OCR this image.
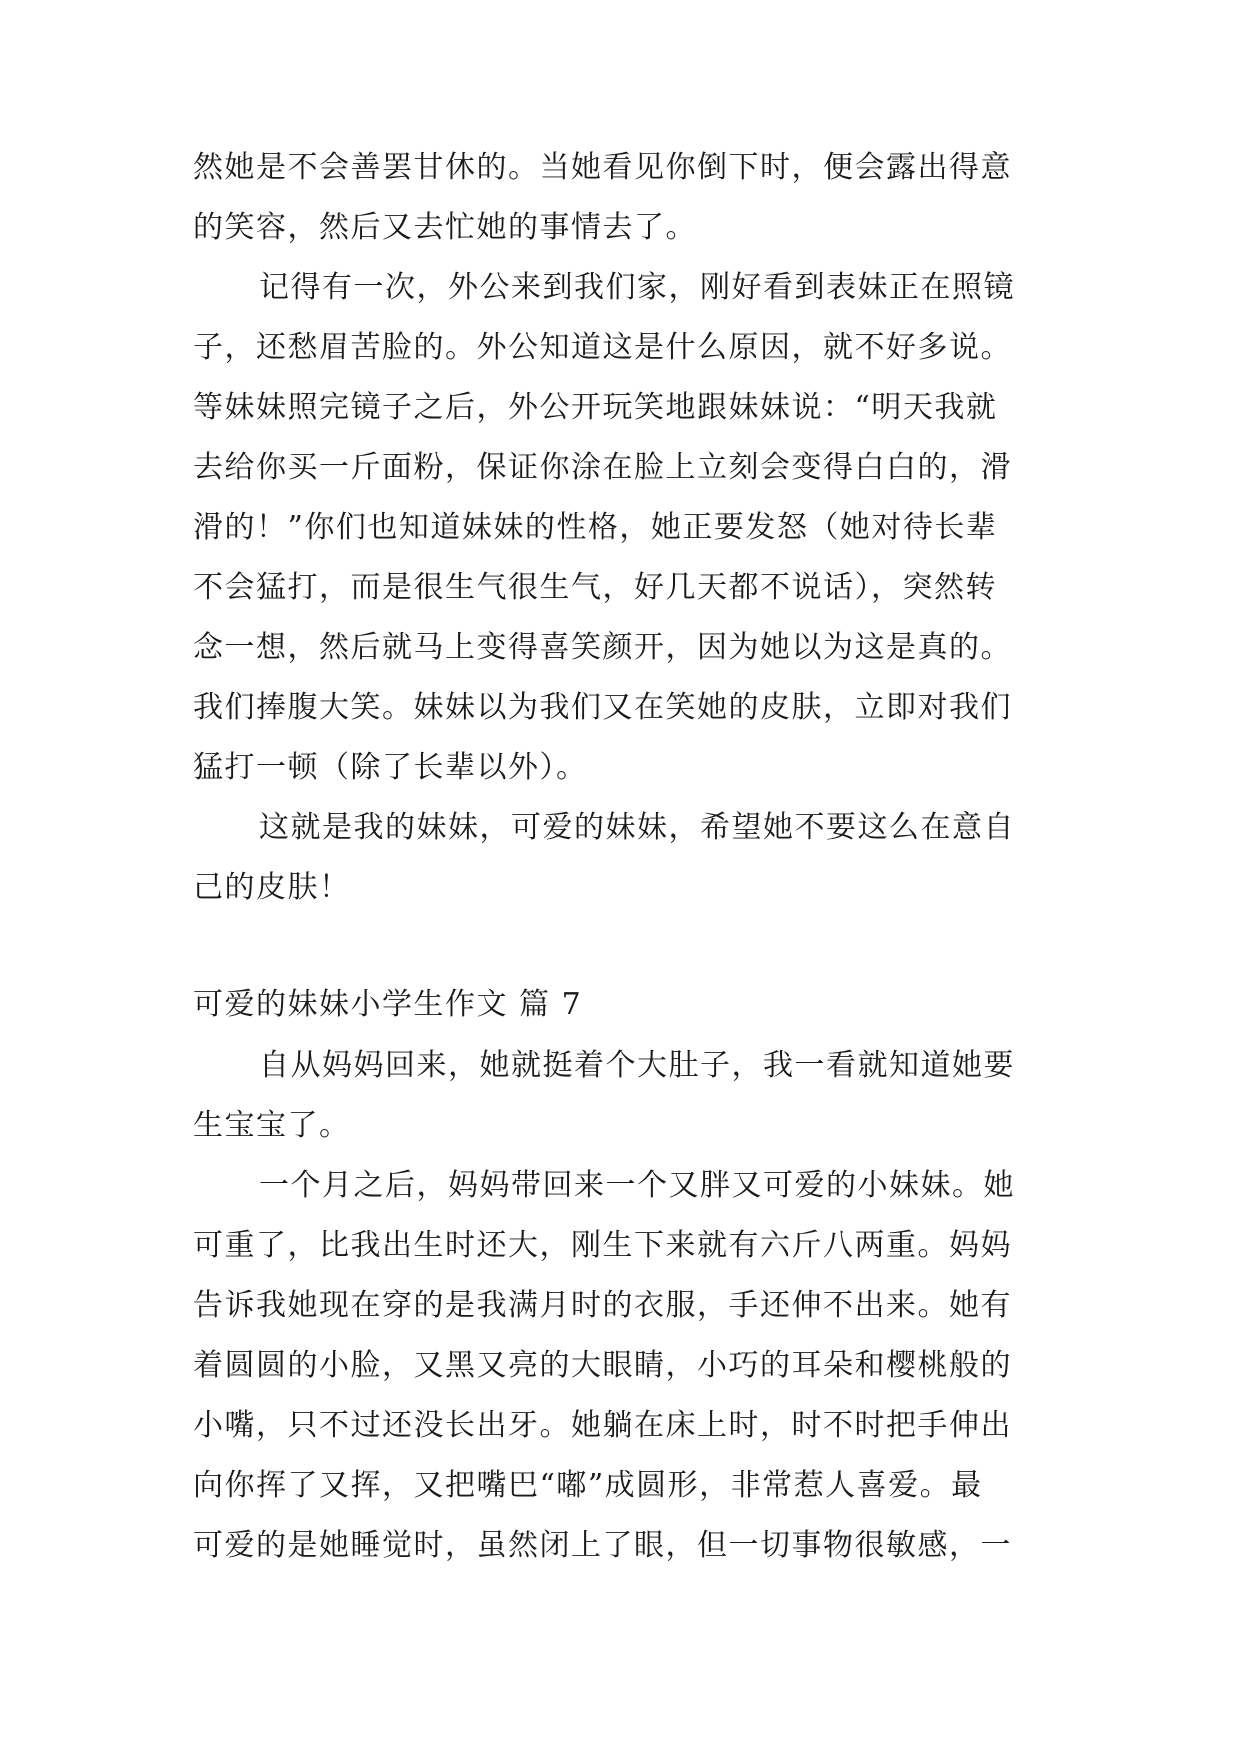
然她是不会善罢甘休的。当她看见你倒下时，便会露出得意
的笑容，然后又去忙她的事情去了。
记得有一次，外公来到我们家，刚好看到表妹正在照镜
子，还愁眉苦脸的。外公知道这是什么原因，就不好多说。
等妹妹照完镜子之后，外公开玩笑地跟妹妹说：“明天我就
去给你买一斤面粉，保证你涂在脸上立刻会变得白白的，滑
滑的！”你们也知道妹妹的性格，她正要发怒（她对待长辈
不会猛打，而是很生气很生气，好几天都不说话），突然转
念一想，然后就马上变得喜笑颜开，因为她以为这是真的。
我们捧腹大笑。妹妹以为我们又在笑她的皮肤，立即对我们
猛打一顿（除了长辈以外）。
这就是我的妹妹，可爱的妹妹，希望她不要这么在意自
己的皮肤！
可爱的妹妹小学生作文 篇 7
自从妈妈回来，她就挺着个大肚子，我一看就知道她要
生宝宝了。
一个月之后，妈妈带回来一个又胖又可爱的小妹妹。她
可重了，比我出生时还大，刚生下来就有六斤八两重。妈妈
告诉我她现在穿的是我满月时的衣服，手还伸不出来。她有
着圆圆的小脸，又黑又亮的大眼睛，小巧的耳朵和樱桃般的
小嘴，只不过还没长出牙。她躺在床上时，时不时把手伸出
向你挥了又挥，又把嘴巴“嘟”成圆形，非常惹人喜爱。最
可爱的是她睡觉时，虽然闭上了眼，但一切事物很敏感，一
